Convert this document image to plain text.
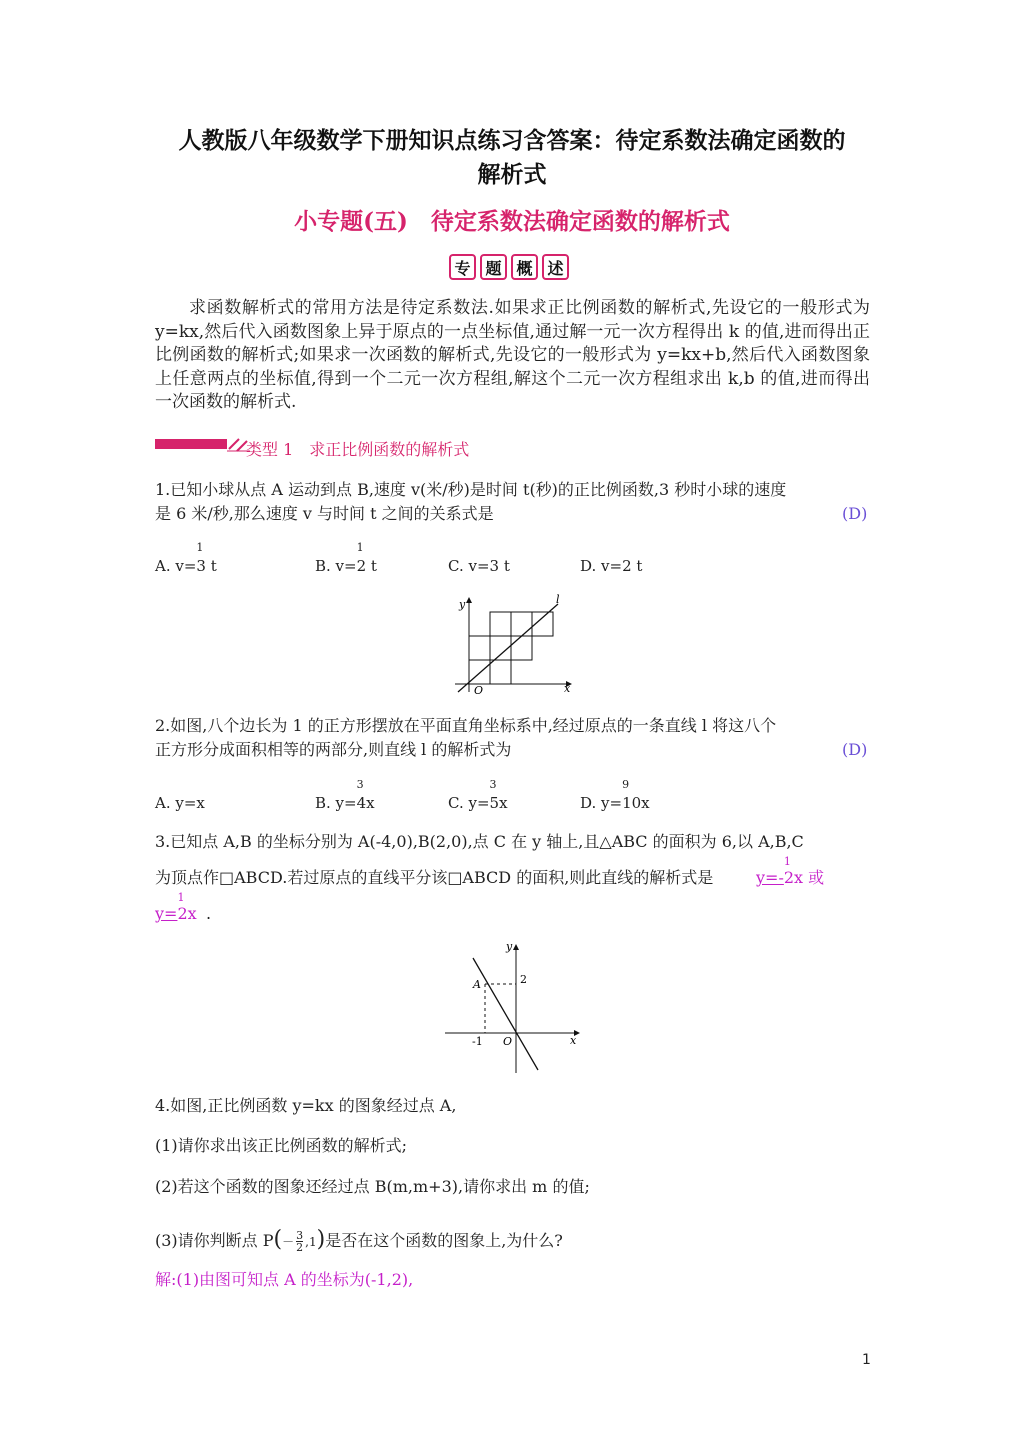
人教版八年级数学下册知识点练习含答案：待定系数法确定函数的
解析式
小专题(五)　待定系数法确定函数的解析式
专 题 概 述
求函数解析式的常用方法是待定系数法.如果求正比例函数的解析式,先设它的一般形式为 y=kx,然后代入函数图象上异于原点的一点坐标值,通过解一元一次方程得出 k 的值,进而得出正比例函数的解析式;如果求一次函数的解析式,先设它的一般形式为 y=kx+b,然后代入函数图象上任意两点的坐标值,得到一个二元一次方程组,解这个二元一次方程组求出 k,b 的值,进而得出一次函数的解析式.
类型 1　求正比例函数的解析式
1.已知小球从点 A 运动到点 B,速度 v(米/秒)是时间 t(秒)的正比例函数,3 秒时小球的速度
是 6 米/秒,那么速度 v 与时间 t 之间的关系式是	(D)
A. v=
1
3 t	B. v=
1
2 t	C. v=3 t	D. v=2 t
y
x
O
l
2.如图,八个边长为 1 的正方形摆放在平面直角坐标系中,经过原点的一条直线 l 将这八个
正方形分成面积相等的两部分,则直线 l 的解析式为	(D)
A. y=x	B. y=
3
4x	C. y=
3
5x	D. y=
9
10x
3.已知点 A,B 的坐标分别为 A(-4,0),B(2,0),点 C 在 y 轴上,且△ABC 的面积为 6,以 A,B,C
为顶点作□ABCD.若过原点的直线平分该□ABCD 的面积,则此直线的解析式是	y=-
1
2x 或
y=
1
2x .
y
x
O
A	2
-1
4.如图,正比例函数 y=kx 的图象经过点 A,
(1)请你求出该正比例函数的解析式;
(2)若这个函数的图象还经过点 B(m,m+3),请你求出 m 的值;
(3)请你判断点 $P(- \frac{3}{2} ,1)$是否在这个函数的图象上,为什么?
解:(1)由图可知点 A 的坐标为(-1,2),
1
